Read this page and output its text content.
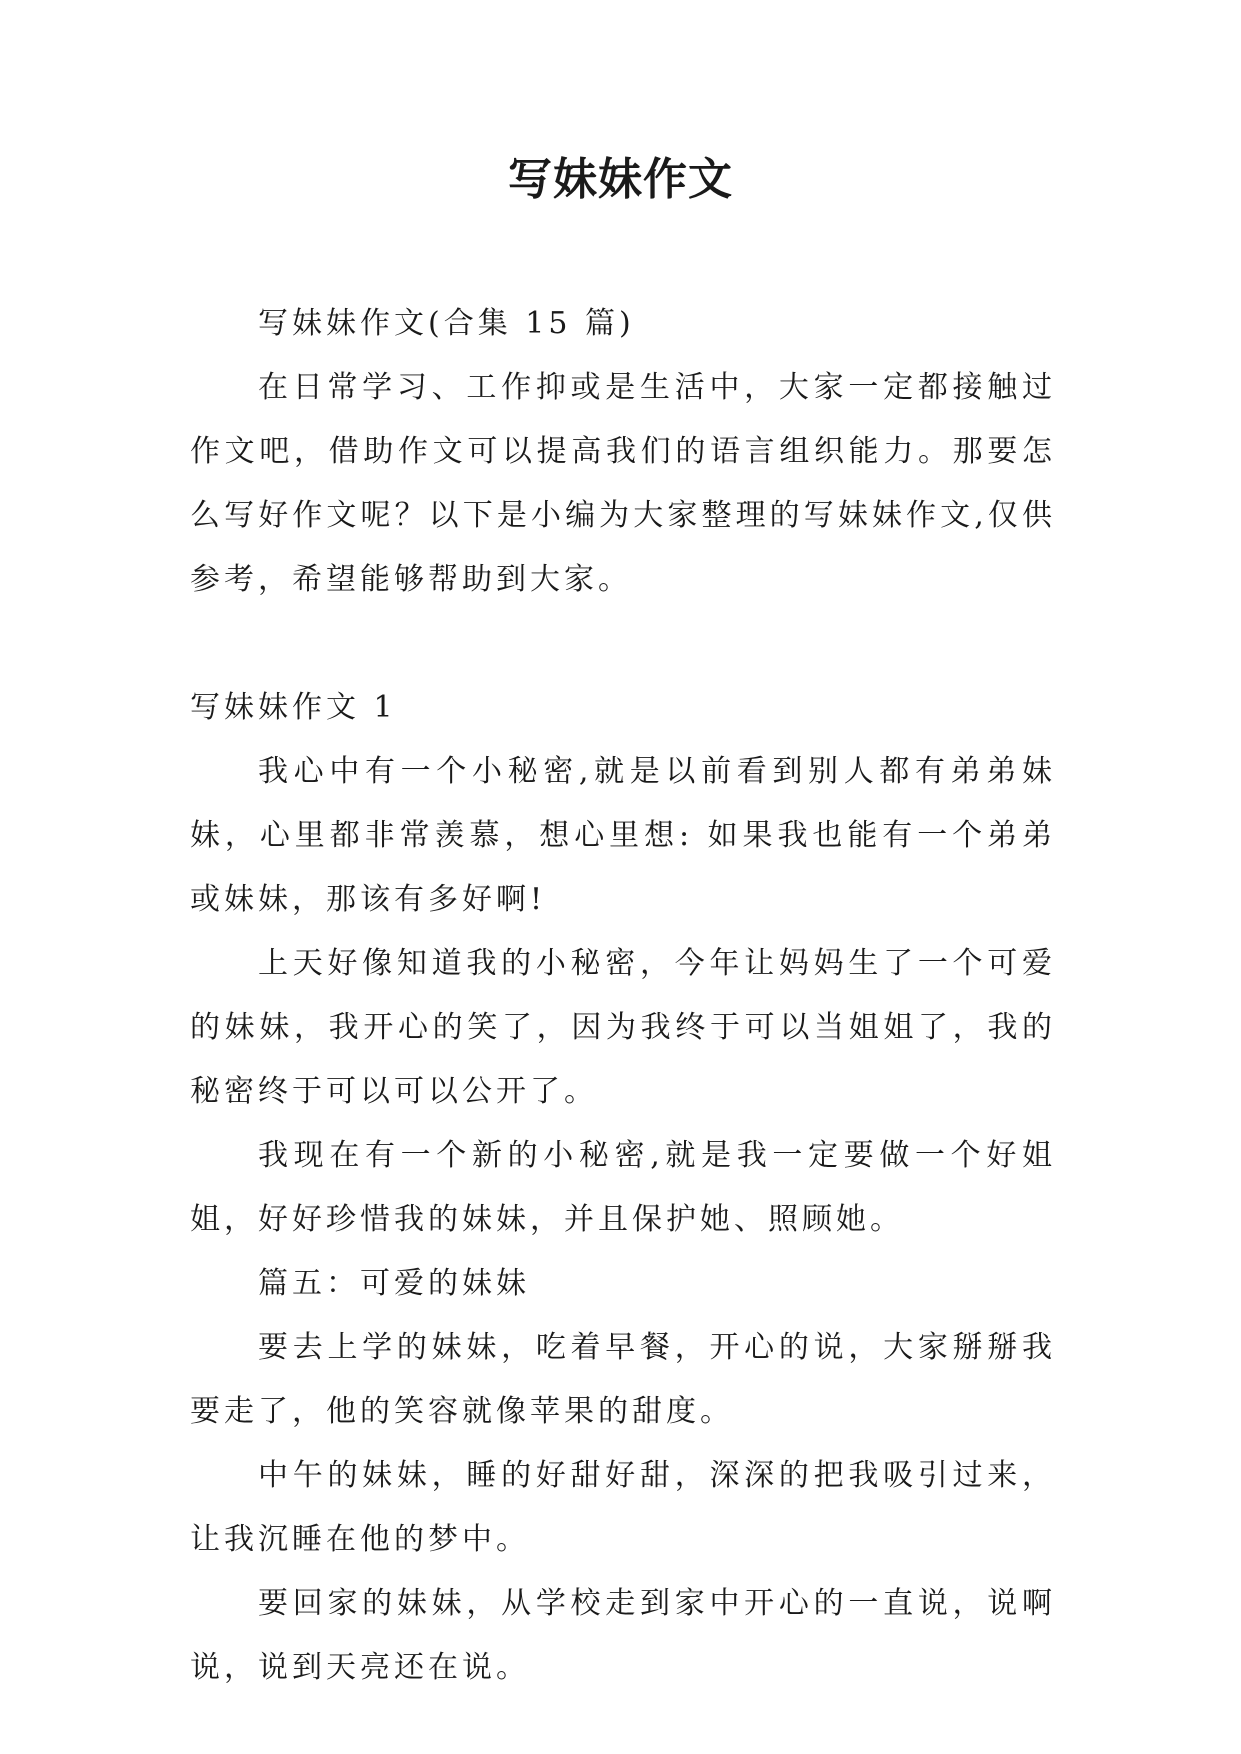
写妹妹作文

写妹妹作文(合集 15 篇)

在日常学习、工作抑或是生活中，大家一定都接触过作文吧，借助作文可以提高我们的语言组织能力。那要怎么写好作文呢？以下是小编为大家整理的写妹妹作文,仅供参考，希望能够帮助到大家。

写妹妹作文 1

我心中有一个小秘密,就是以前看到别人都有弟弟妹妹，心里都非常羡慕，想心里想: 如果我也能有一个弟弟或妹妹，那该有多好啊!

上天好像知道我的小秘密，今年让妈妈生了一个可爱的妹妹，我开心的笑了，因为我终于可以当姐姐了，我的秘密终于可以可以公开了。

我现在有一个新的小秘密,就是我一定要做一个好姐姐，好好珍惜我的妹妹，并且保护她、照顾她。

篇五：可爱的妹妹

要去上学的妹妹，吃着早餐，开心的说，大家掰掰我要走了，他的笑容就像苹果的甜度。

中午的妹妹，睡的好甜好甜，深深的把我吸引过来，让我沉睡在他的梦中。

要回家的妹妹，从学校走到家中开心的一直说，说啊说，说到天亮还在说。
